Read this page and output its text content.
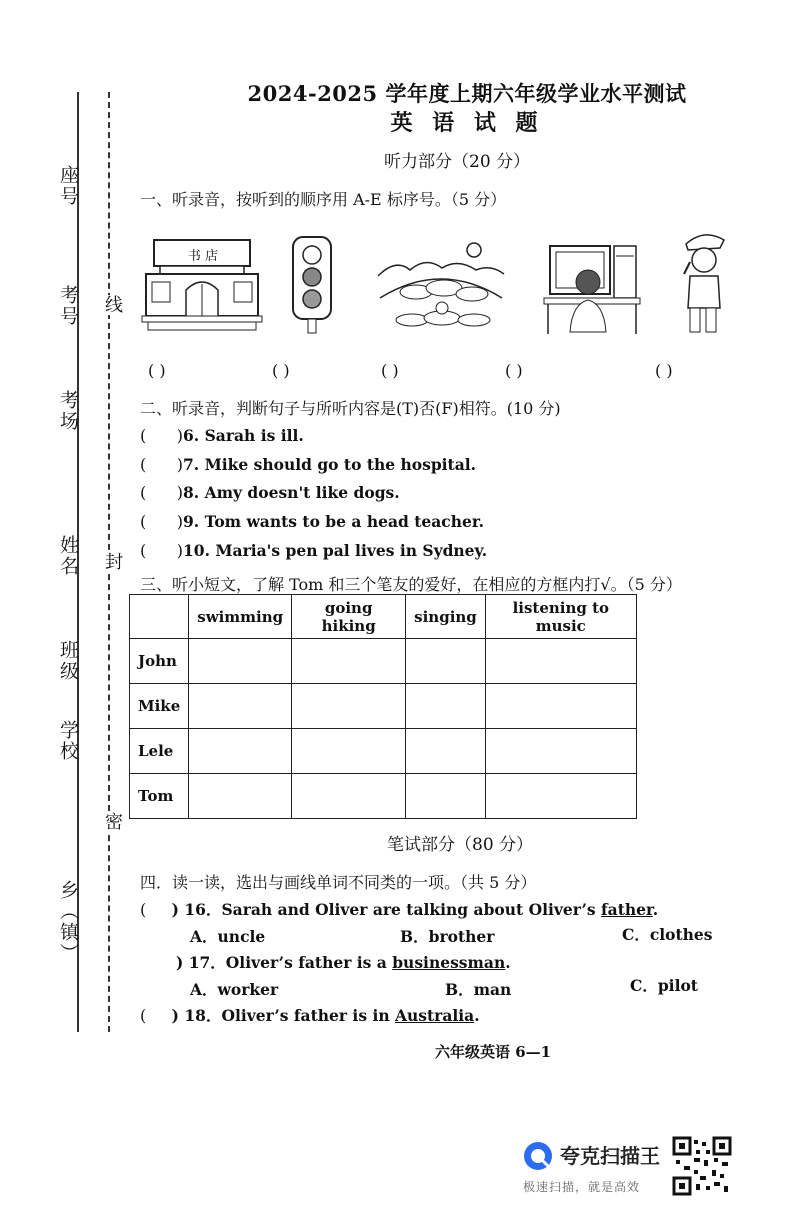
座号
考号
考场
姓名
班级
学校
乡（镇）
线
封
密
2024-2025 学年度上期六年级学业水平测试
英 语 试 题
听力部分（20 分）
一、听录音，按听到的顺序用 A-E 标序号。（5 分）
书 店
( )	( )	( )	( )	( )
二、听录音，判断句子与所听内容是(T)否(F)相符。(10 分)
(      )6. Sarah is ill.
(      )7. Mike should go to the hospital.
(      )8. Amy doesn't like dogs.
(      )9. Tom wants to be a head teacher.
(      )10. Maria's pen pal lives in Sydney.
三、听小短文，了解 Tom 和三个笔友的爱好，在相应的方框内打√。（5 分）
	swimming	going hiking	singing	listening to music
John				
Mike				
Lele				
Tom				
笔试部分（80 分）
四．读一读，选出与画线单词不同类的一项。（共 5 分）
(     ) 16．Sarah and Oliver are talking about Oliver’s father.
A．uncle	B．brother	C．clothes
) 17．Oliver’s father is a businessman.
A．worker	B．man	C．pilot
(     ) 18．Oliver’s father is in Australia.
六年级英语 6—1
夸克扫描王
极速扫描，就是高效
